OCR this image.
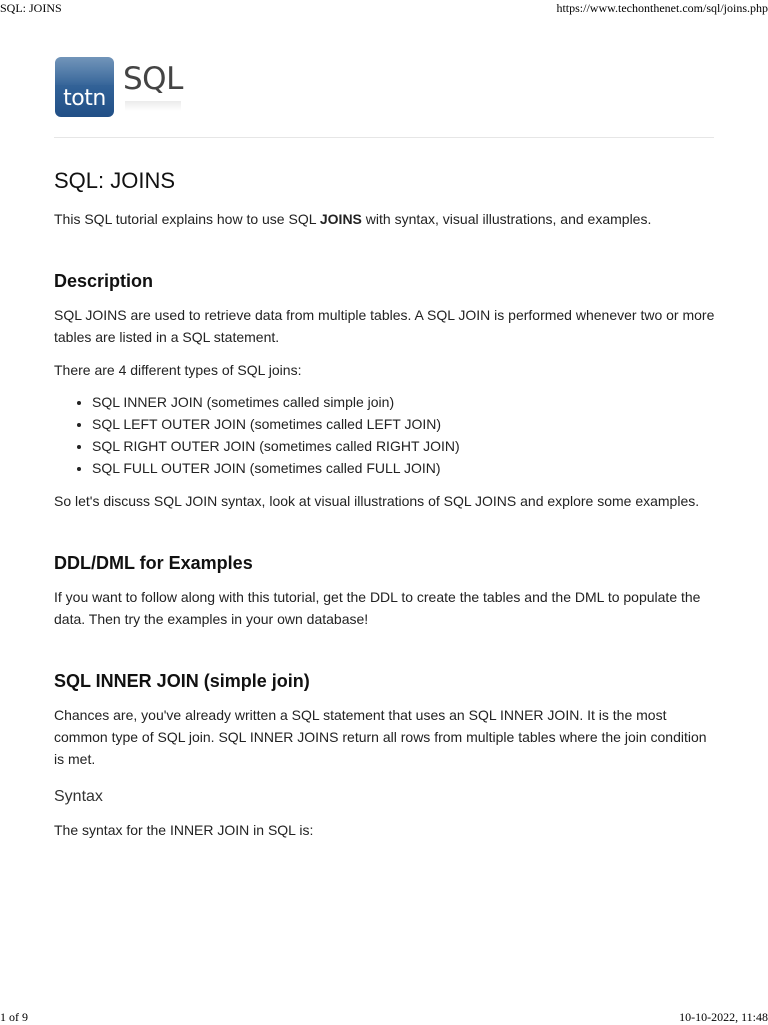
SQL: JOINS	https://www.techonthenet.com/sql/joins.php
totn
SQL
SQL: JOINS

This SQL tutorial explains how to use SQL JOINS with syntax, visual illustrations, and examples.

Description

SQL JOINS are used to retrieve data from multiple tables. A SQL JOIN is performed whenever two or more tables are listed in a SQL statement.

There are 4 different types of SQL joins:

• SQL INNER JOIN (sometimes called simple join)
• SQL LEFT OUTER JOIN (sometimes called LEFT JOIN)
• SQL RIGHT OUTER JOIN (sometimes called RIGHT JOIN)
• SQL FULL OUTER JOIN (sometimes called FULL JOIN)

So let's discuss SQL JOIN syntax, look at visual illustrations of SQL JOINS and explore some examples.

DDL/DML for Examples

If you want to follow along with this tutorial, get the DDL to create the tables and the DML to populate the data. Then try the examples in your own database!

SQL INNER JOIN (simple join)

Chances are, you've already written a SQL statement that uses an SQL INNER JOIN. It is the most common type of SQL join. SQL INNER JOINS return all rows from multiple tables where the join condition is met.

Syntax

The syntax for the INNER JOIN in SQL is:

1 of 9	10-10-2022, 11:48
